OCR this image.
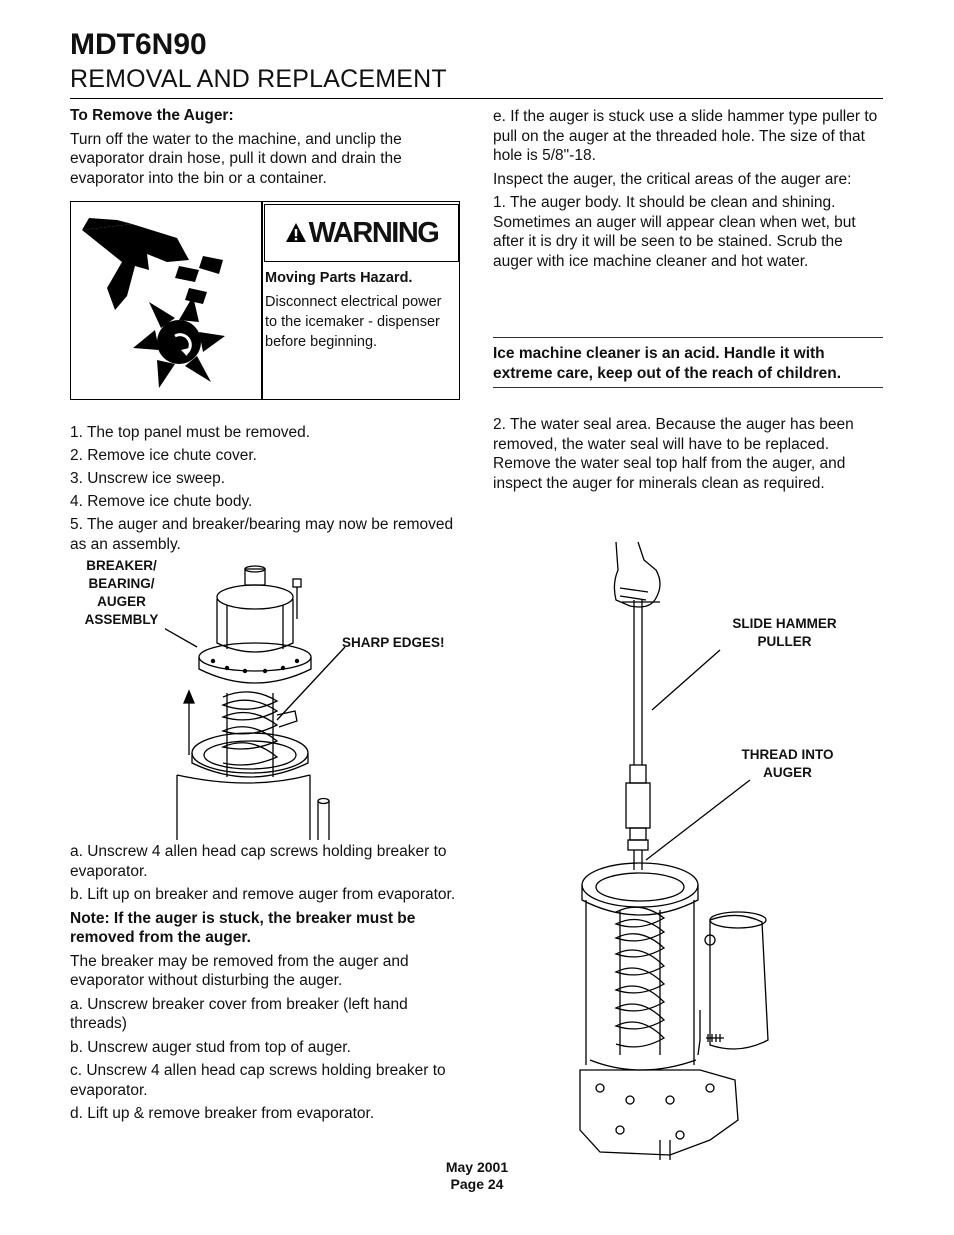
MDT6N90
REMOVAL AND REPLACEMENT

To Remove the Auger:

Turn off the water to the machine, and unclip the evaporator drain hose, pull it down and drain the evaporator into the bin or a container.

WARNING
Moving Parts Hazard.
Disconnect electrical power to the icemaker - dispenser before beginning.

1. The top panel must be removed.

2. Remove ice chute cover.

3. Unscrew ice sweep.

4. Remove ice chute body.

5. The auger and breaker/bearing may now be removed as an assembly.

BREAKER/ BEARING/ AUGER ASSEMBLY
SHARP EDGES!

a. Unscrew 4 allen head cap screws holding breaker to evaporator.

b. Lift up on breaker and remove auger from evaporator.

Note: If the auger is stuck, the breaker must be removed from the auger.

The breaker may be removed from the auger and evaporator without disturbing the auger.

a. Unscrew breaker cover from breaker (left hand threads)

b. Unscrew auger stud from top of auger.

c. Unscrew 4 allen head cap screws holding breaker to evaporator.

d. Lift up & remove breaker from evaporator.

e. If the auger is stuck use a slide hammer type puller to pull on the auger at the threaded hole. The size of that hole is 5/8"-18.

Inspect the auger, the critical areas of the auger are:

1. The auger body. It should be clean and shining. Sometimes an auger will appear clean when wet, but after it is dry it will be seen to be stained. Scrub the auger with ice machine cleaner and hot water.

Ice machine cleaner is an acid. Handle it with extreme care, keep out of the reach of children.

2. The water seal area. Because the auger has been removed, the water seal will have to be replaced. Remove the water seal top half from the auger, and inspect the auger for minerals clean as required.

SLIDE HAMMER PULLER
THREAD INTO AUGER
May 2001
Page 24
